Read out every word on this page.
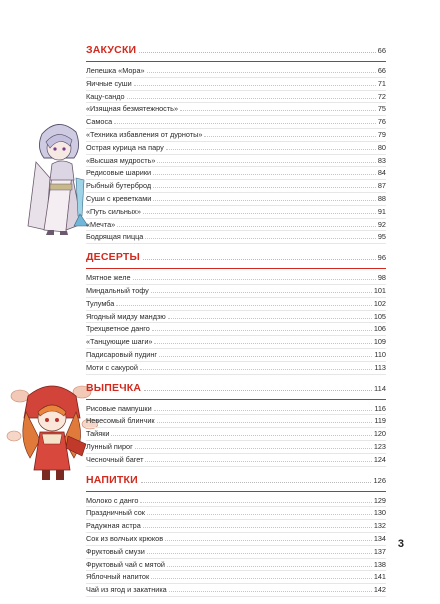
ЗАКУСКИ	66
Лепешка «Мора»	66
Яичные суши	71
Кацу-сандо	72
«Изящная безмятежность»	75
Самоса	76
«Техника избавления от дурноты»	79
Острая курица на пару	80
«Высшая мудрость»	83
Редисовые шарики	84
Рыбный бутерброд	87
Суши с креветками	88
«Путь сильных»	91
«Мечта»	92
Бодрящая пицца	95
ДЕСЕРТЫ	96
Мятное желе	98
Миндальный тофу	101
Тулумба	102
Ягодный мидзу мандзю	105
Трехцветное данго	106
«Танцующие шаги»	109
Падисаровый пудинг	110
Моти с сакурой	113
ВЫПЕЧКА	114
Рисовые пампушки	116
Невесомый блинчик	119
Тайяки	120
Лунный пирог	123
Чесночный багет	124
НАПИТКИ	126
Молоко с данго	129
Праздничный сок	130
Радужная астра	132
Сок из волчьих крюков	134
Фруктовый смузи	137
Фруктовый чай с мятой	138
Яблочный напиток	141
Чай из ягод и закатника	142
3
